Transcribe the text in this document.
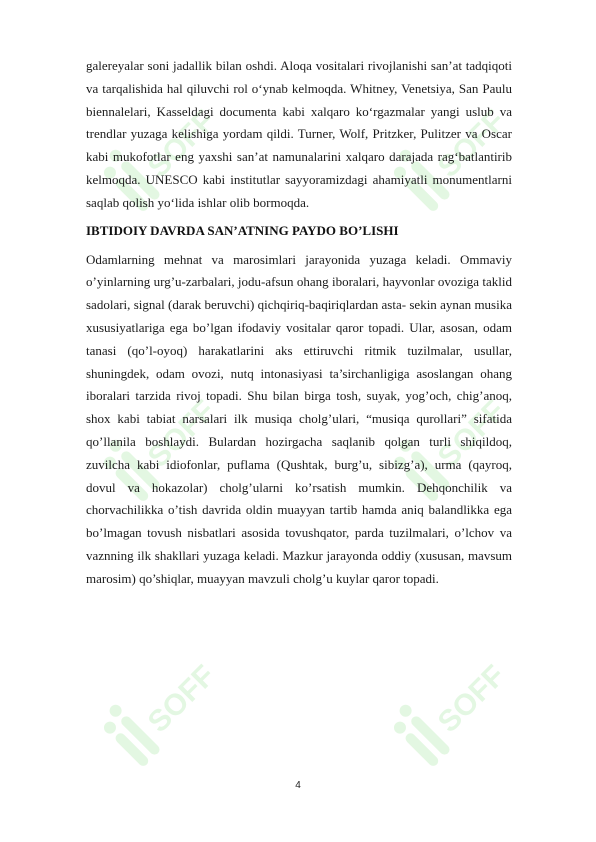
SOFF	SOFF
SOFF	SOFF
SOFF	SOFF

galereyalar soni jadallik bilan oshdi. Aloqa vositalari rivojlanishi san’at tadqiqoti va tarqalishida hal qiluvchi rol o‘ynab kelmoqda. Whitney, Venetsiya, San Paulu biennalelari, Kasseldagi documenta kabi xalqaro ko‘rgazmalar yangi uslub va trendlar yuzaga kelishiga yordam qildi. Turner, Wolf, Pritzker, Pulitzer va Oscar kabi mukofotlar eng yaxshi san’at namunalarini xalqaro darajada rag‘batlantirib kelmoqda. UNESCO kabi institutlar sayyoramizdagi ahamiyatli monumentlarni saqlab qolish yo‘lida ishlar olib bormoqda.

IBTIDOIY DAVRDA SAN’ATNING PAYDO BO’LISHI

Odamlarning mehnat va marosimlari jarayonida yuzaga keladi. Ommaviy o’yinlarning urg’u-zarbalari, jodu-afsun ohang iboralari, hayvonlar ovoziga taklid sadolari, signal (darak beruvchi) qichqiriq-baqiriqlardan asta- sekin aynan musika xususiyatlariga ega bo’lgan ifodaviy vositalar qaror topadi. Ular, asosan, odam tanasi (qo’l-oyoq) harakatlarini aks ettiruvchi ritmik tuzilmalar, usullar, shuningdek, odam ovozi, nutq intonasiyasi ta’sirchanligiga asoslangan ohang iboralari tarzida rivoj topadi. Shu bilan birga tosh, suyak, yog’och, chig’anoq, shox kabi tabiat narsalari ilk musiqa cholg’ulari, “musiqa qurollari” sifatida qo’llanila boshlaydi. Bulardan hozirgacha saqlanib qolgan turli shiqildoq, zuvilcha kabi idiofonlar, puflama (Qushtak, burg’u, sibizg’a), urma (qayroq, dovul va hokazolar) cholg’ularni ko’rsatish mumkin. Dehqonchilik va chorvachilikka o’tish davrida oldin muayyan tartib hamda aniq balandlikka ega bo’lmagan tovush nisbatlari asosida tovushqator, parda tuzilmalari, o’lchov va vaznning ilk shakllari yuzaga keladi. Mazkur jarayonda oddiy (xususan, mavsum marosim) qo’shiqlar, muayyan mavzuli cholg’u kuylar qaror topadi.

4
